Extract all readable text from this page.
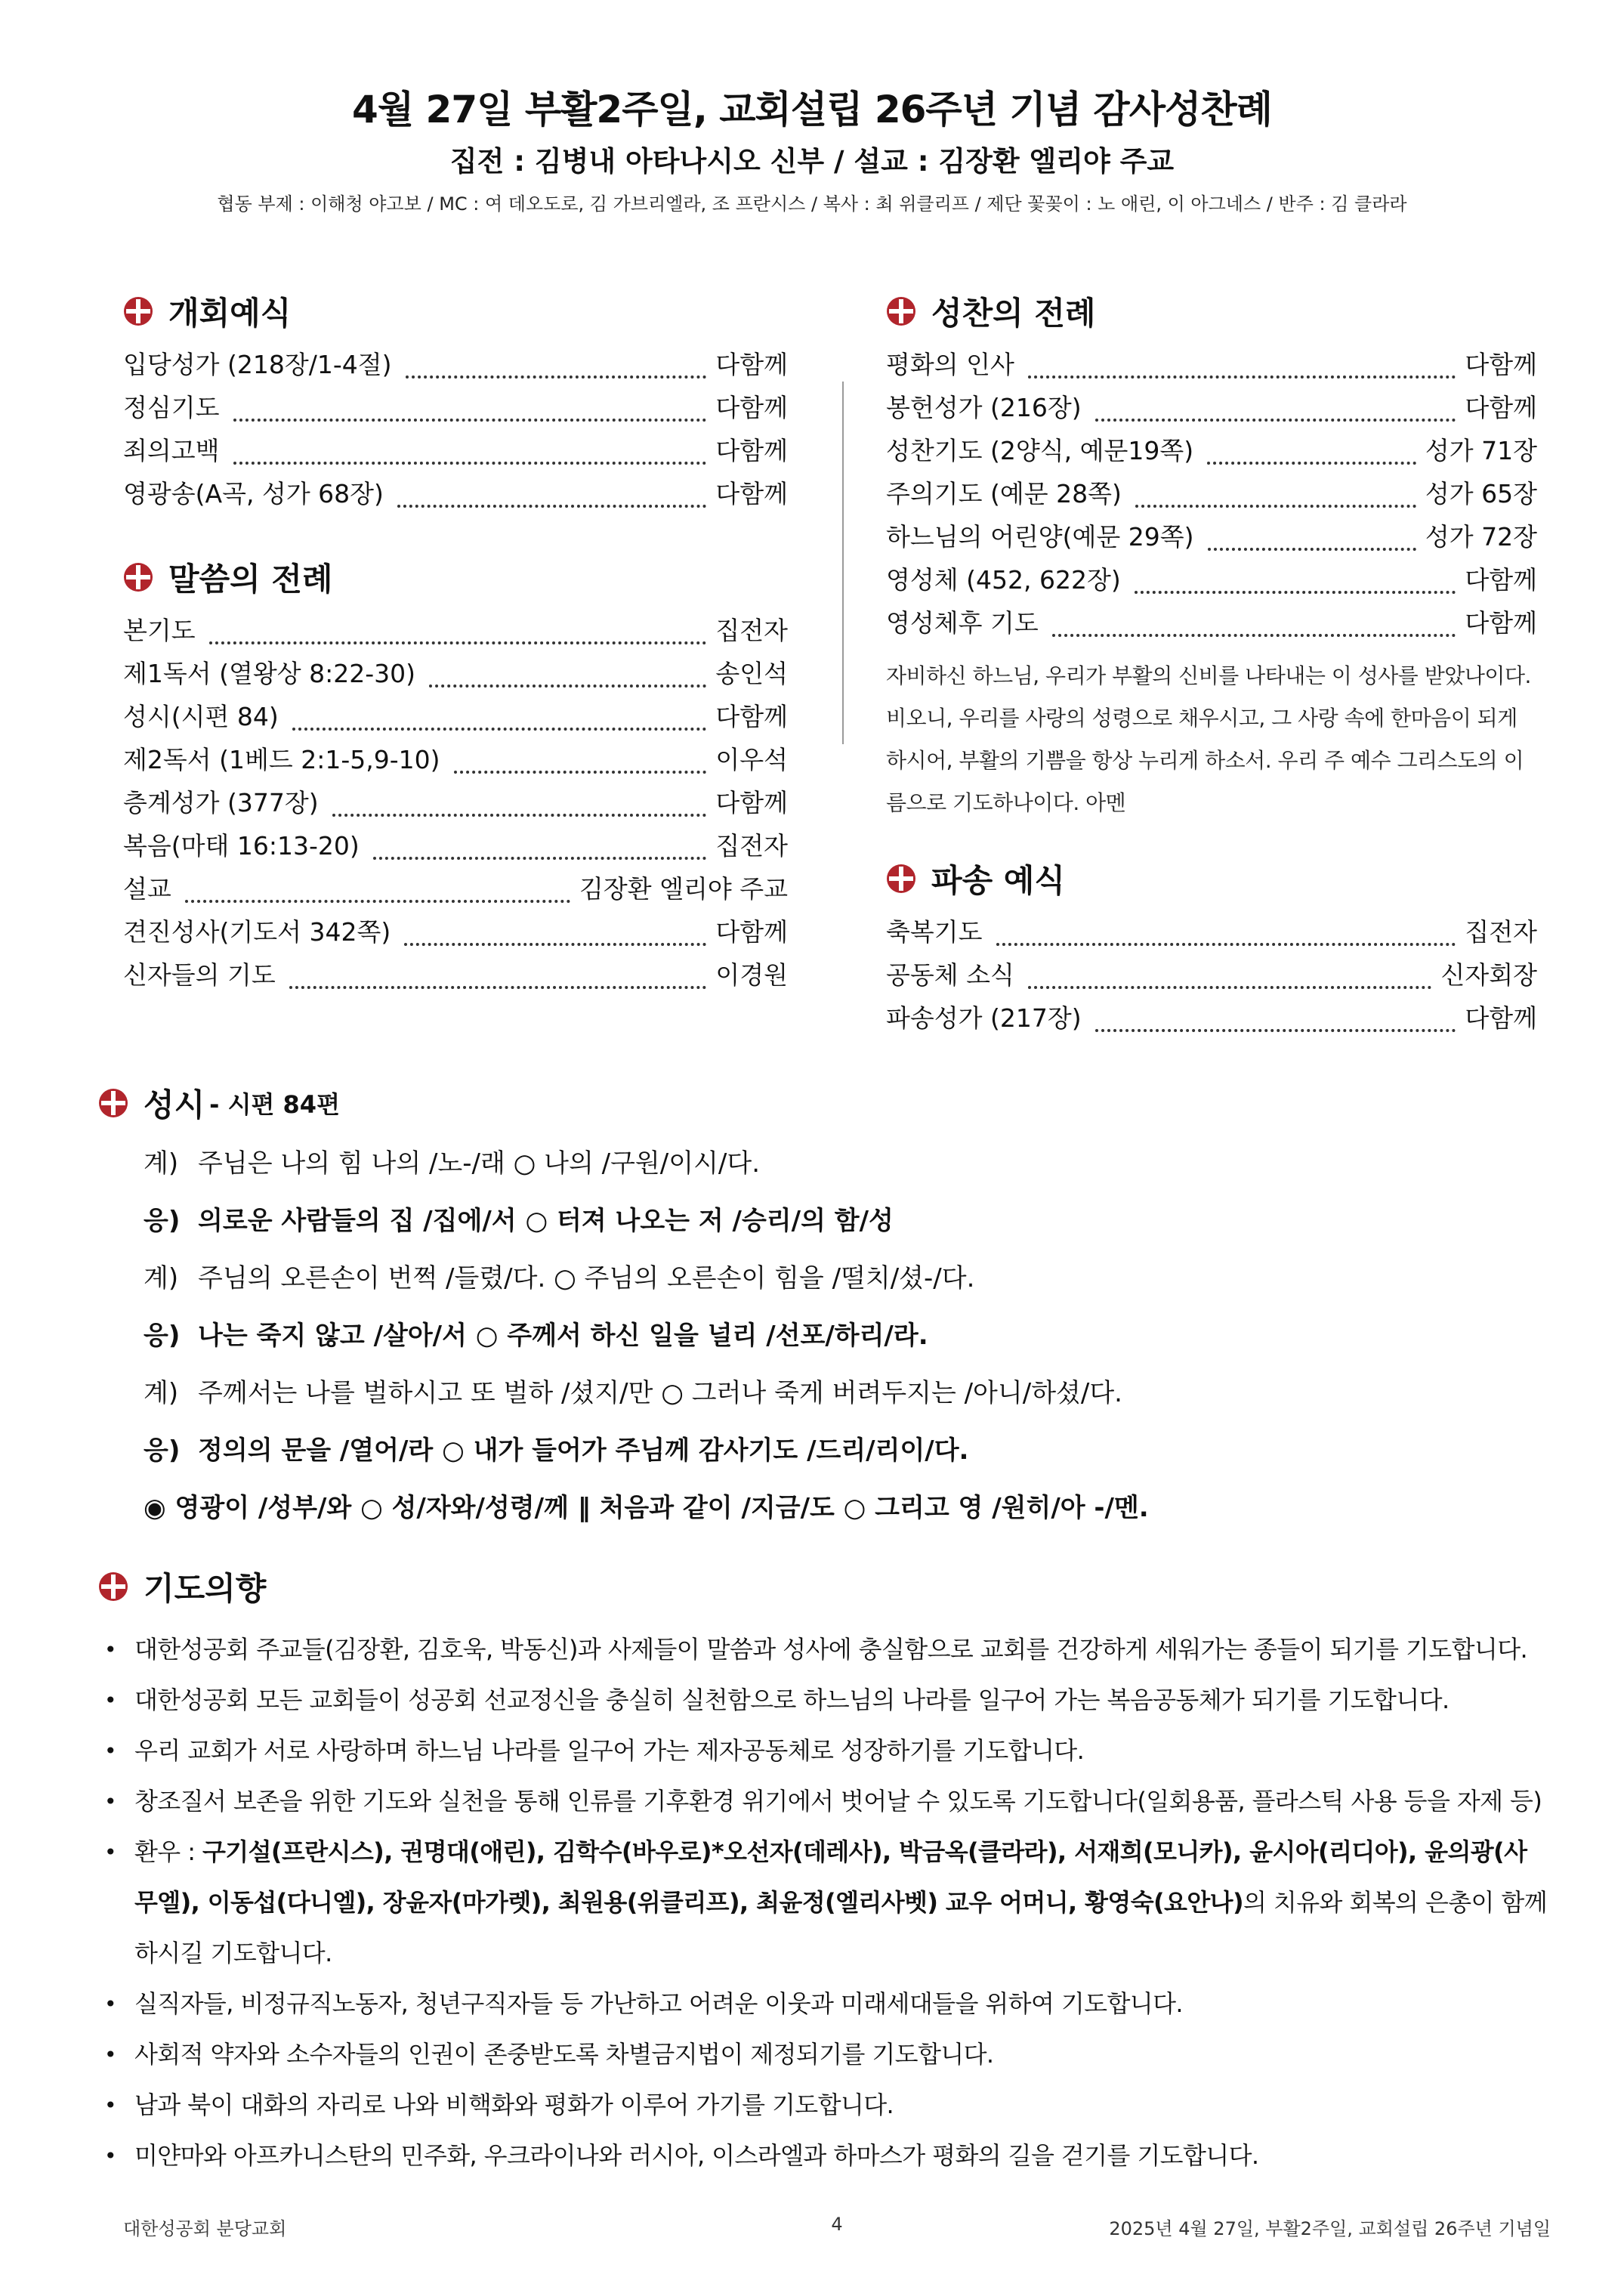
4월 27일 부활2주일, 교회설립 26주년 기념 감사성찬례
집전 : 김병내 아타나시오 신부 / 설교 : 김장환 엘리야 주교
협동 부제 : 이해청 야고보 / MC : 여 데오도로, 김 가브리엘라, 조 프란시스 / 복사 : 최 위클리프 / 제단 꽃꽂이 : 노 애린, 이 아그네스 / 반주 : 김 클라라
개회예식
입당성가 (218장/1-4절)	다함께
정심기도	다함께
죄의고백	다함께
영광송(A곡, 성가 68장)	다함께
말씀의 전례
본기도	집전자
제1독서 (열왕상 8:22-30)	송인석
성시(시편 84)	다함께
제2독서 (1베드 2:1-5,9-10)	이우석
층계성가 (377장)	다함께
복음(마태 16:13-20)	집전자
설교	김장환 엘리야 주교
견진성사(기도서 342쪽)	다함께
신자들의 기도	이경원
성찬의 전례
평화의 인사	다함께
봉헌성가 (216장)	다함께
성찬기도 (2양식, 예문19쪽)	성가 71장
주의기도 (예문 28쪽)	성가 65장
하느님의 어린양(예문 29쪽)	성가 72장
영성체 (452, 622장)	다함께
영성체후 기도	다함께
자비하신 하느님, 우리가 부활의 신비를 나타내는 이 성사를 받았나이다. 비오니, 우리를 사랑의 성령으로 채우시고, 그 사랑 속에 한마음이 되게 하시어, 부활의 기쁨을 항상 누리게 하소서. 우리 주 예수 그리스도의 이름으로 기도하나이다. 아멘
파송 예식
축복기도	집전자
공동체 소식	신자회장
파송성가 (217장)	다함께
성시 - 시편 84편
계) 주님은 나의 힘 나의 /노-/래 ○ 나의 /구원/이시/다.
응) 의로운 사람들의 집 /집에/서 ○ 터져 나오는 저 /승리/의 함/성
계) 주님의 오른손이 번쩍 /들렸/다. ○ 주님의 오른손이 힘을 /떨치/셨-/다.
응) 나는 죽지 않고 /살아/서 ○ 주께서 하신 일을 널리 /선포/하리/라.
계) 주께서는 나를 벌하시고 또 벌하 /셨지/만 ○ 그러나 죽게 버려두지는 /아니/하셨/다.
응) 정의의 문을 /열어/라 ○ 내가 들어가 주님께 감사기도 /드리/리이/다.
◉ 영광이 /성부/와 ○ 성/자와/성령/께 ‖ 처음과 같이 /지금/도 ○ 그리고 영 /원히/아 -/멘.
기도의향
• 대한성공회 주교들(김장환, 김호욱, 박동신)과 사제들이 말씀과 성사에 충실함으로 교회를 건강하게 세워가는 종들이 되기를 기도합니다.
• 대한성공회 모든 교회들이 성공회 선교정신을 충실히 실천함으로 하느님의 나라를 일구어 가는 복음공동체가 되기를 기도합니다.
• 우리 교회가 서로 사랑하며 하느님 나라를 일구어 가는 제자공동체로 성장하기를 기도합니다.
• 창조질서 보존을 위한 기도와 실천을 통해 인류를 기후환경 위기에서 벗어날 수 있도록 기도합니다(일회용품, 플라스틱 사용 등을 자제 등)
• 환우 : 구기설(프란시스), 권명대(애린), 김학수(바우로)*오선자(데레사), 박금옥(클라라), 서재희(모니카), 윤시아(리디아), 윤의광(사무엘), 이동섭(다니엘), 장윤자(마가렛), 최원용(위클리프), 최윤정(엘리사벳) 교우 어머니, 황영숙(요안나)의 치유와 회복의 은총이 함께 하시길 기도합니다.
• 실직자들, 비정규직노동자, 청년구직자들 등 가난하고 어려운 이웃과 미래세대들을 위하여 기도합니다.
• 사회적 약자와 소수자들의 인권이 존중받도록 차별금지법이 제정되기를 기도합니다.
• 남과 북이 대화의 자리로 나와 비핵화와 평화가 이루어 가기를 기도합니다.
• 미얀마와 아프카니스탄의 민주화, 우크라이나와 러시아, 이스라엘과 하마스가 평화의 길을 걷기를 기도합니다.
대한성공회 분당교회	4	2025년 4월 27일, 부활2주일, 교회설립 26주년 기념일
